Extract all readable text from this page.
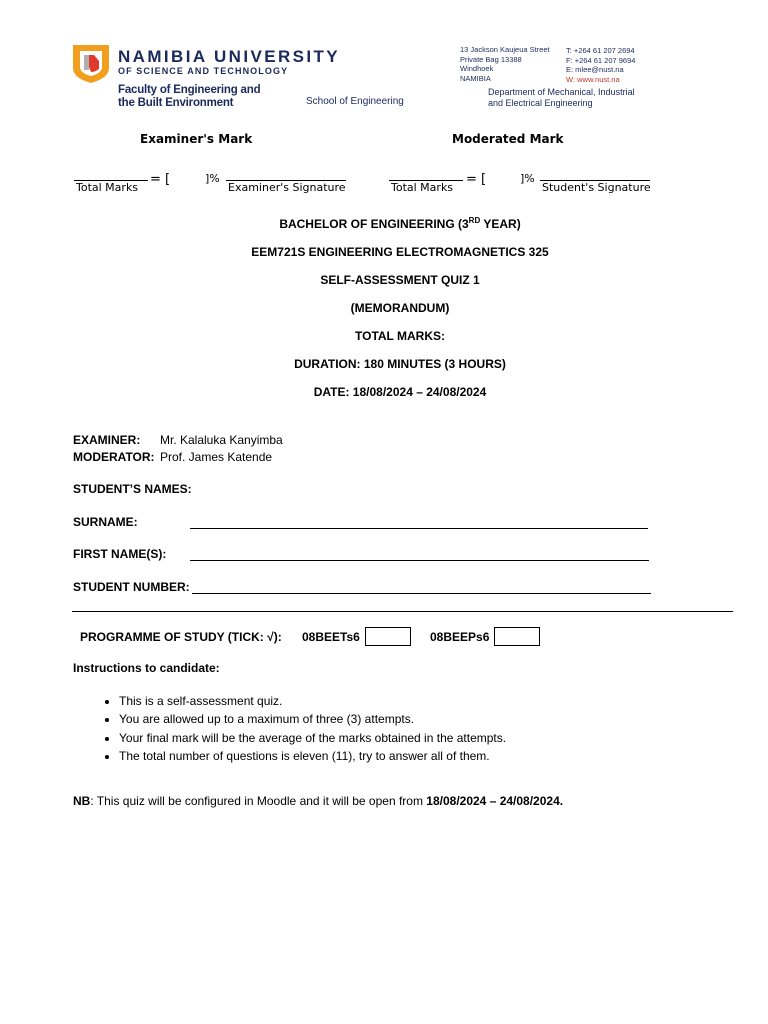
NAMIBIA UNIVERSITY
OF SCIENCE AND TECHNOLOGY
Faculty of Engineering and
the Built Environment	School of Engineering
13 Jackson Kaujeua Street
Private Bag 13388
Windhoek
NAMIBIA
T: +264 61 207 2694
F: +264 61 207 9694
E: mlee@nust.na
W: www.nust.na
Department of Mechanical, Industrial
and Electrical Engineering
Examiner's Mark	Moderated Mark
Total Marks
= [	]%
Examiner's Signature	Total Marks
= [	]%
Student's Signature
BACHELOR OF ENGINEERING (3RD YEAR)
EEM721S ENGINEERING ELECTROMAGNETICS 325
SELF-ASSESSMENT QUIZ 1
(MEMORANDUM)
TOTAL MARKS:
DURATION: 180 MINUTES (3 HOURS)
DATE: 18/08/2024 – 24/08/2024
EXAMINER: Mr. Kalaluka Kanyimba
MODERATOR: Prof. James Katende
STUDENT’S NAMES:
SURNAME:
FIRST NAME(S):
STUDENT NUMBER:
PROGRAMME OF STUDY (TICK: √): 08BEETs6	08BEEPs6
Instructions to candidate:
• This is a self-assessment quiz.
• You are allowed up to a maximum of three (3) attempts.
• Your final mark will be the average of the marks obtained in the attempts.
• The total number of questions is eleven (11), try to answer all of them.
NB: This quiz will be configured in Moodle and it will be open from 18/08/2024 – 24/08/2024.
